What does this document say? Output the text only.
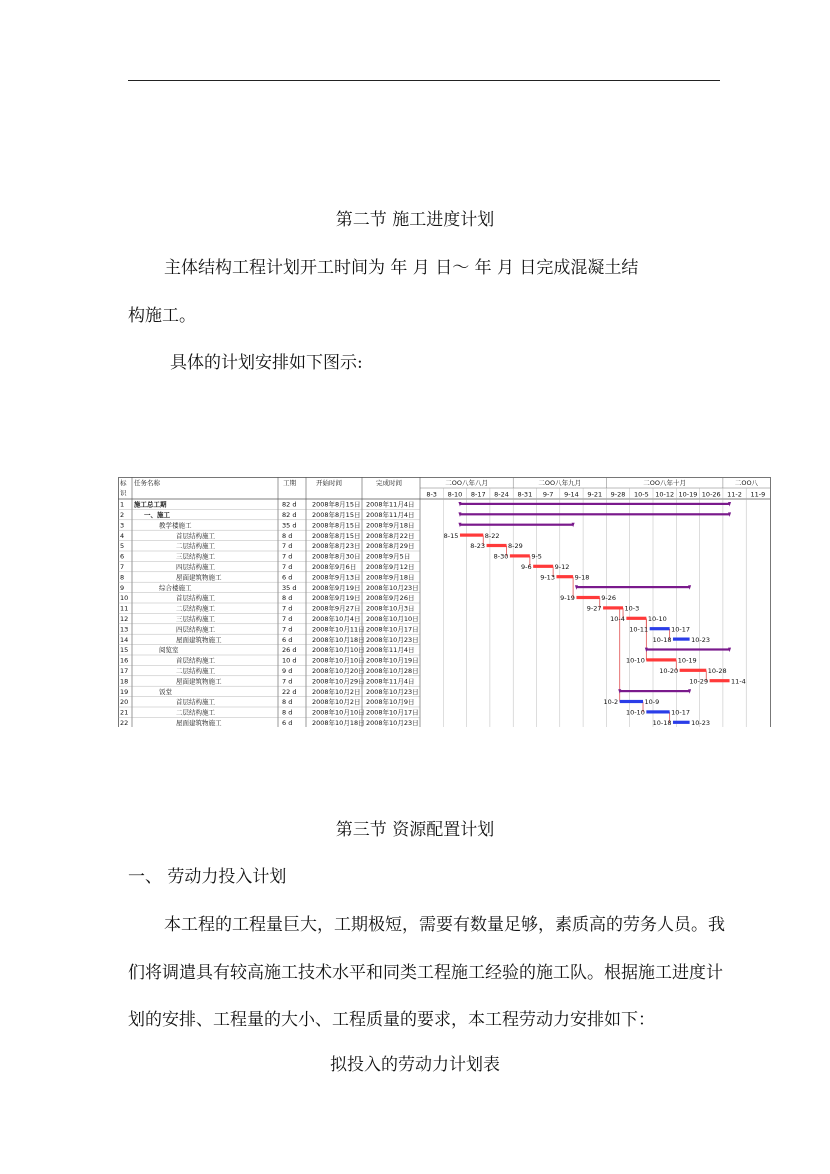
第二节 施工进度计划
主体结构工程计划开工时间为 年 月 日～ 年 月 日完成混凝土结
构施工。
具体的计划安排如下图示:
标
识
任务名称	工期	开始时间	完成时间	二OO八年八月	二OO八年九月	二OO八年十月	二OO八
8-3 8-10 8-17 8-24 8-31 9-7 9-14 9-21 9-28 10-5 10-12 10-19 10-26 11-2 11-9
1 施工总工期	82 d 2008年8月15日 2008年11月4日
2	一、施工	82 d 2008年8月15日 2008年11月4日
3	教学楼施工	35 d 2008年8月15日 2008年9月18日
4	首层结构施工	8 d	2008年8月15日 2008年8月22日
5	二层结构施工	7 d	2008年8月23日 2008年8月29日
6	三层结构施工	7 d	2008年8月30日 2008年9月5日
7	四层结构施工	7 d	2008年9月6日 2008年9月12日
8	屋面建筑物施工	6 d	2008年9月13日 2008年9月18日
9	综合楼施工	35 d 2008年9月19日 2008年10月23日
10	首层结构施工	8 d	2008年9月19日 2008年9月26日
11	二层结构施工	7 d	2008年9月27日 2008年10月3日
12	三层结构施工	7 d	2008年10月4日 2008年10月10日
13	四层结构施工	7 d	2008年10月11日 2008年10月17日
14	屋面建筑物施工	6 d	2008年10月18日 2008年10月23日
15	阅览室	26 d 2008年10月10日 2008年11月4日
16	首层结构施工	10 d 2008年10月10日 2008年10月19日
17	二层结构施工	9 d	2008年10月20日 2008年10月28日
18	屋面建筑物施工	7 d	2008年10月29日 2008年11月4日
19	饭堂	22 d 2008年10月2日 2008年10月23日
20	首层结构施工	8 d	2008年10月2日 2008年10月9日
21	二层结构施工	8 d	2008年10月10日 2008年10月17日
22	屋面建筑物施工	6 d	2008年10月18日 2008年10月23日
8-15	8-22
8-23	8-29
8-30	9-5
9-6	9-12
9-13	9-18
9-19	9-26
9-27	10-3
10-4	10-10
10-11	10-17
10-18	10-23
10-10	10-19
10-20	10-28
10-29	11-4
10-2	10-9
10-10	10-17
10-18	10-23
第三节 资源配置计划
一、 劳动力投入计划
本工程的工程量巨大，工期极短，需要有数量足够，素质高的劳务人员。我
们将调遣具有较高施工技术水平和同类工程施工经验的施工队。根据施工进度计
划的安排、工程量的大小、工程质量的要求，本工程劳动力安排如下：
拟投入的劳动力计划表
